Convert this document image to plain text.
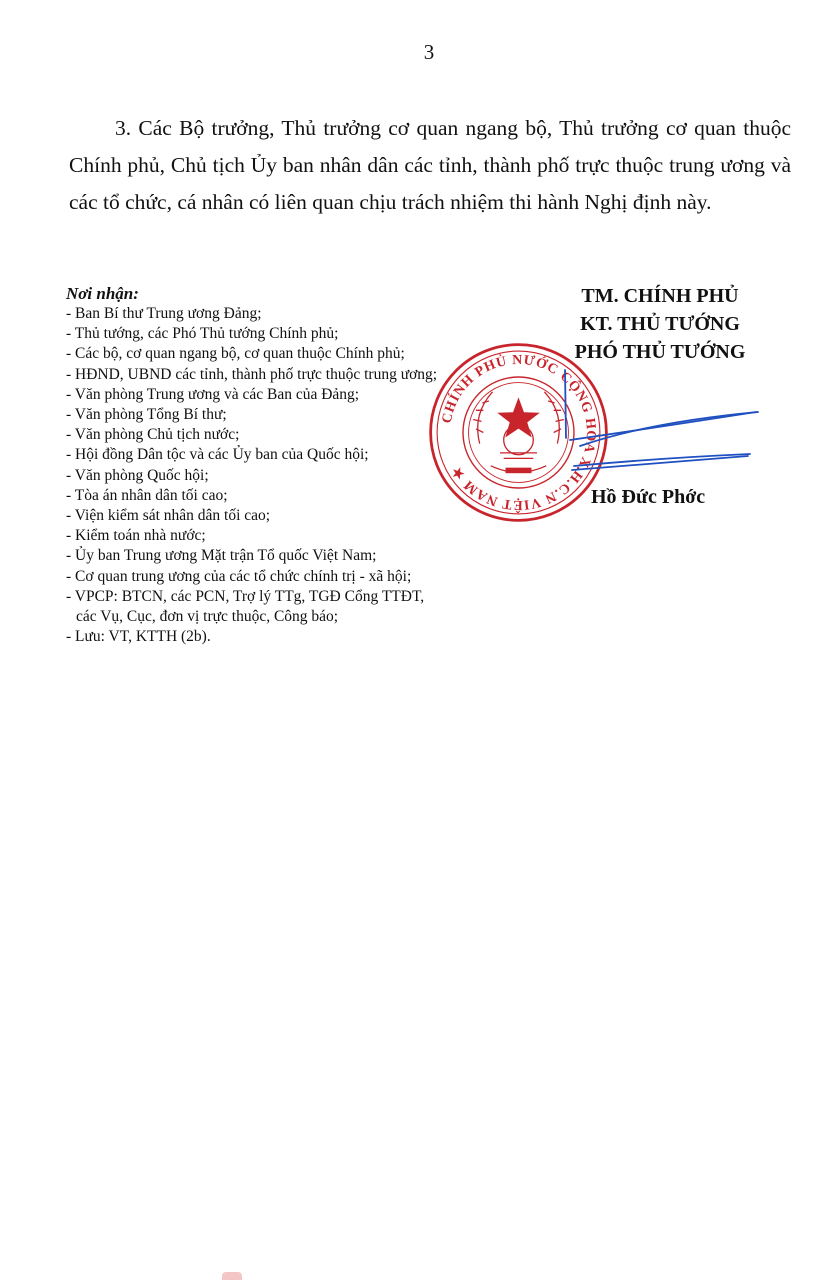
3

3. Các Bộ trưởng, Thủ trưởng cơ quan ngang bộ, Thủ trưởng cơ quan thuộc Chính phủ, Chủ tịch Ủy ban nhân dân các tỉnh, thành phố trực thuộc trung ương và các tổ chức, cá nhân có liên quan chịu trách nhiệm thi hành Nghị định này.

Nơi nhận:
- Ban Bí thư Trung ương Đảng;
- Thủ tướng, các Phó Thủ tướng Chính phủ;
- Các bộ, cơ quan ngang bộ, cơ quan thuộc Chính phủ;
- HĐND, UBND các tỉnh, thành phố trực thuộc trung ương;
- Văn phòng Trung ương và các Ban của Đảng;
- Văn phòng Tổng Bí thư;
- Văn phòng Chủ tịch nước;
- Hội đồng Dân tộc và các Ủy ban của Quốc hội;
- Văn phòng Quốc hội;
- Tòa án nhân dân tối cao;
- Viện kiểm sát nhân dân tối cao;
- Kiểm toán nhà nước;
- Ủy ban Trung ương Mặt trận Tổ quốc Việt Nam;
- Cơ quan trung ương của các tổ chức chính trị - xã hội;
- VPCP: BTCN, các PCN, Trợ lý TTg, TGĐ Cổng TTĐT,
các Vụ, Cục, đơn vị trực thuộc, Công báo;
- Lưu: VT, KTTH (2b).
CHÍNH PHỦ NƯỚC CỘNG HÒA X.H.C.N VIỆT NAM ★
TM. CHÍNH PHỦ
KT. THỦ TƯỚNG
PHÓ THỦ TƯỚNG
Hồ Đức Phớc
